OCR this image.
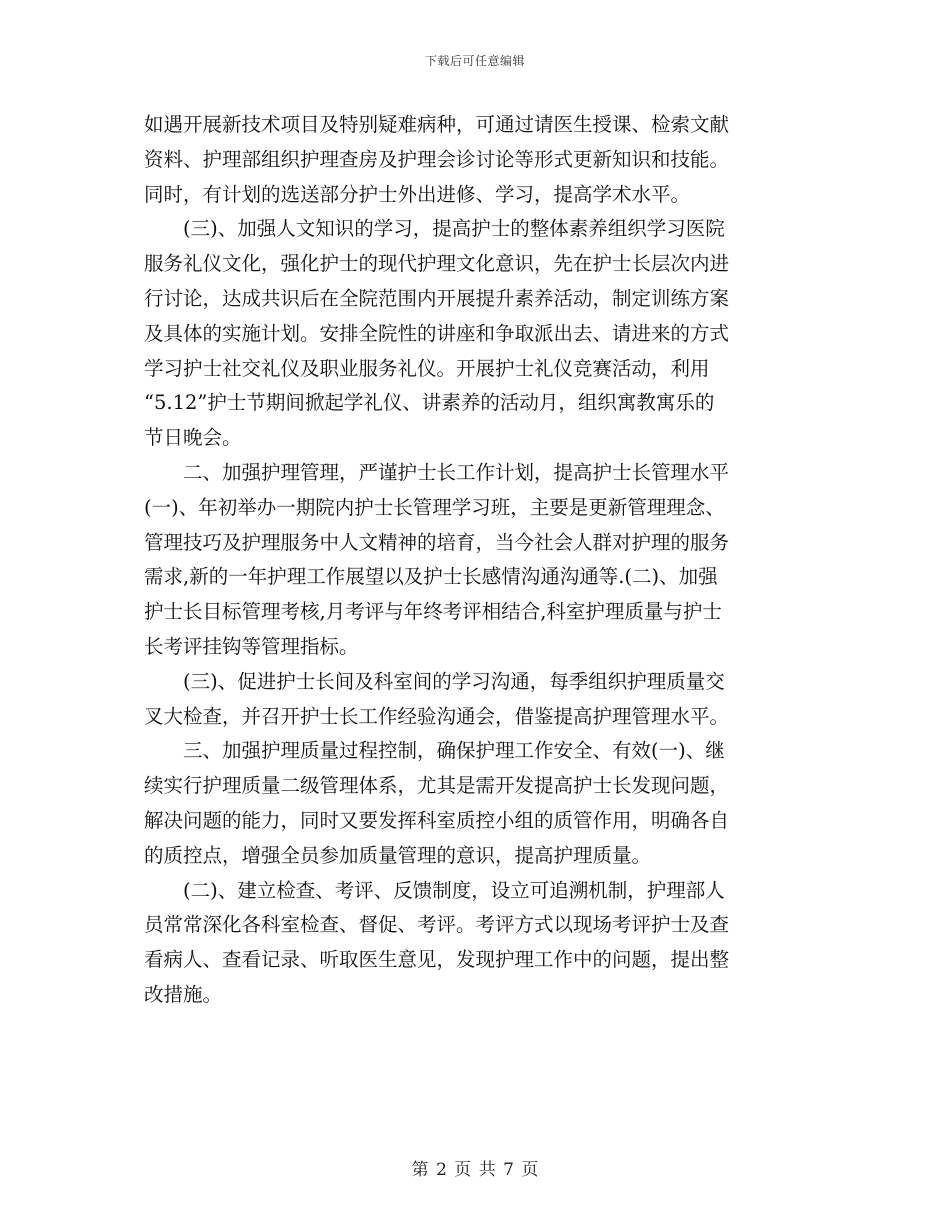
下载后可任意编辑
如遇开展新技术项目及特别疑难病种，可通过请医生授课、检索文献
资料、护理部组织护理查房及护理会诊讨论等形式更新知识和技能。
同时，有计划的选送部分护士外出进修、学习，提高学术水平。
　　(三)、加强人文知识的学习，提高护士的整体素养组织学习医院
服务礼仪文化，强化护士的现代护理文化意识，先在护士长层次内进
行讨论，达成共识后在全院范围内开展提升素养活动，制定训练方案
及具体的实施计划。安排全院性的讲座和争取派出去、请进来的方式
学习护士社交礼仪及职业服务礼仪。开展护士礼仪竞赛活动，利用
“5.12”护士节期间掀起学礼仪、讲素养的活动月，组织寓教寓乐的
节日晚会。
　　二、加强护理管理，严谨护士长工作计划，提高护士长管理水平
(一)、年初举办一期院内护士长管理学习班，主要是更新管理理念、
管理技巧及护理服务中人文精神的培育，当今社会人群对护理的服务
需求,新的一年护理工作展望以及护士长感情沟通沟通等.(二)、加强
护士长目标管理考核,月考评与年终考评相结合,科室护理质量与护士
长考评挂钩等管理指标。
　　(三)、促进护士长间及科室间的学习沟通，每季组织护理质量交
叉大检查，并召开护士长工作经验沟通会，借鉴提高护理管理水平。
　　三、加强护理质量过程控制，确保护理工作安全、有效(一)、继
续实行护理质量二级管理体系，尤其是需开发提高护士长发现问题，
解决问题的能力，同时又要发挥科室质控小组的质管作用，明确各自
的质控点，增强全员参加质量管理的意识，提高护理质量。
　　(二)、建立检查、考评、反馈制度，设立可追溯机制，护理部人
员常常深化各科室检查、督促、考评。考评方式以现场考评护士及查
看病人、查看记录、听取医生意见，发现护理工作中的问题，提出整
改措施。
第 2 页 共 7 页
